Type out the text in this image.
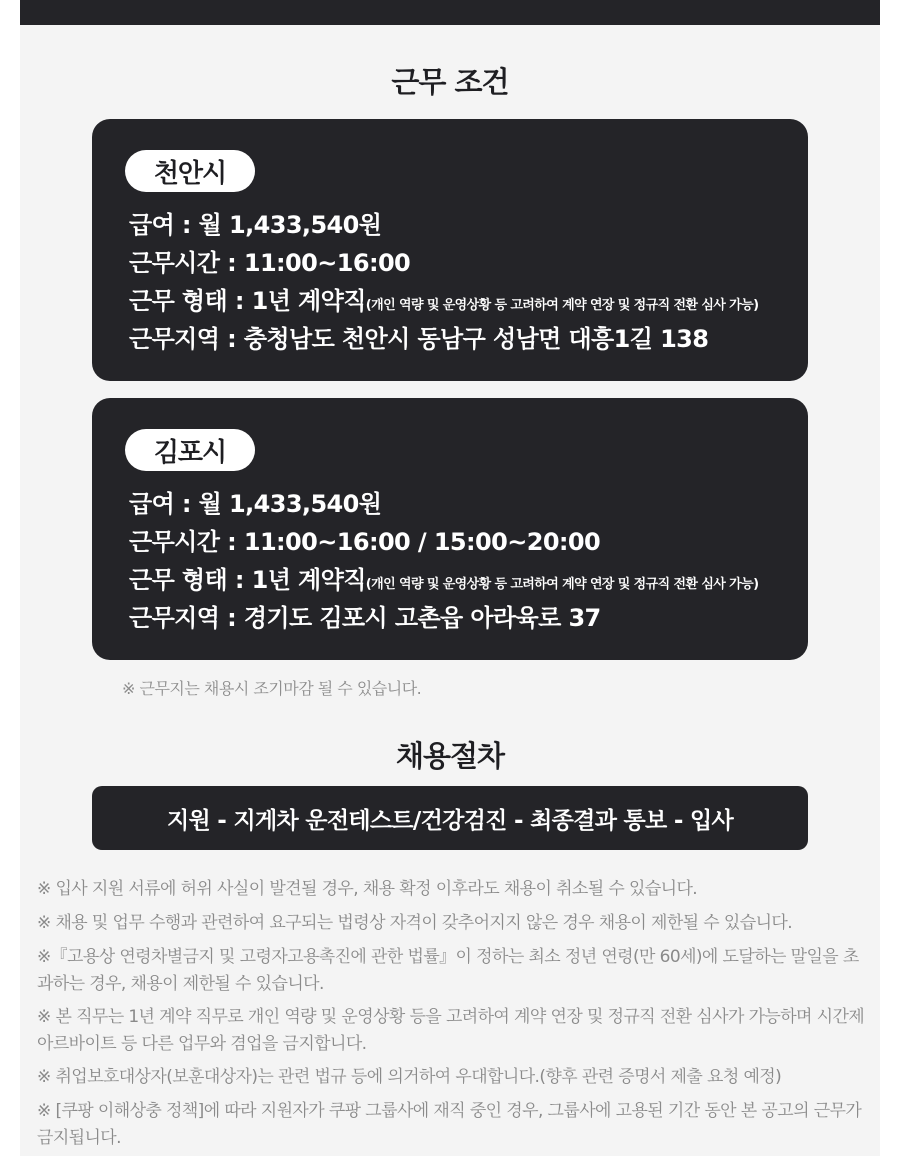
근무 조건
천안시
급여 : 월 1,433,540원
근무시간 : 11:00~16:00
근무 형태 : 1년 계약직(개인 역량 및 운영상황 등 고려하여 계약 연장 및 정규직 전환 심사 가능)
근무지역 : 충청남도 천안시 동남구 성남면 대흥1길 138
김포시
급여 : 월 1,433,540원
근무시간 : 11:00~16:00 / 15:00~20:00
근무 형태 : 1년 계약직(개인 역량 및 운영상황 등 고려하여 계약 연장 및 정규직 전환 심사 가능)
근무지역 : 경기도 김포시 고촌읍 아라육로 37
※ 근무지는 채용시 조기마감 될 수 있습니다.
채용절차
지원 - 지게차 운전테스트/건강검진 - 최종결과 통보 - 입사
※ 입사 지원 서류에 허위 사실이 발견될 경우, 채용 확정 이후라도 채용이 취소될 수 있습니다.
※ 채용 및 업무 수행과 관련하여 요구되는 법령상 자격이 갖추어지지 않은 경우 채용이 제한될 수 있습니다.
※『고용상 연령차별금지 및 고령자고용촉진에 관한 법률』이 정하는 최소 정년 연령(만 60세)에 도달하는 말일을 초과하는 경우, 채용이 제한될 수 있습니다.
※ 본 직무는 1년 계약 직무로 개인 역량 및 운영상황 등을 고려하여 계약 연장 및 정규직 전환 심사가 가능하며 시간제 아르바이트 등 다른 업무와 겸업을 금지합니다.
※ 취업보호대상자(보훈대상자)는 관련 법규 등에 의거하여 우대합니다.(향후 관련 증명서 제출 요청 예정)
※ [쿠팡 이해상충 정책]에 따라 지원자가 쿠팡 그룹사에 재직 중인 경우, 그룹사에 고용된 기간 동안 본 공고의 근무가 금지됩니다.
